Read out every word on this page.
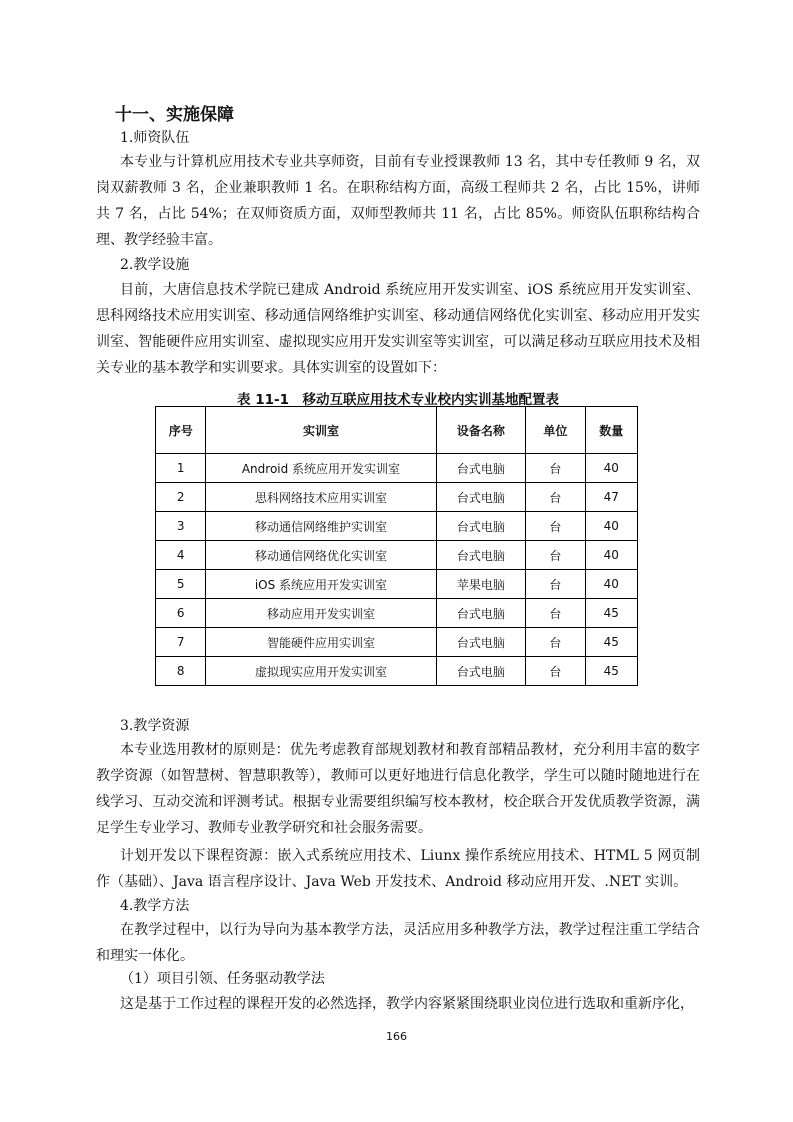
十一、实施保障
1.师资队伍
本专业与计算机应用技术专业共享师资，目前有专业授课教师 13 名，其中专任教师 9 名，双岗双薪教师 3 名，企业兼职教师 1 名。在职称结构方面，高级工程师共 2 名，占比 15%，讲师共 7 名，占比 54%；在双师资质方面，双师型教师共 11 名，占比 85%。师资队伍职称结构合理、教学经验丰富。
2.教学设施
目前，大唐信息技术学院已建成 Android 系统应用开发实训室、iOS 系统应用开发实训室、思科网络技术应用实训室、移动通信网络维护实训室、移动通信网络优化实训室、移动应用开发实训室、智能硬件应用实训室、虚拟现实应用开发实训室等实训室，可以满足移动互联应用技术及相关专业的基本教学和实训要求。具体实训室的设置如下：
表 11-1　移动互联应用技术专业校内实训基地配置表
序号	实训室	设备名称	单位	数量
1	Android 系统应用开发实训室	台式电脑	台	40
2	思科网络技术应用实训室	台式电脑	台	47
3	移动通信网络维护实训室	台式电脑	台	40
4	移动通信网络优化实训室	台式电脑	台	40
5	iOS 系统应用开发实训室	苹果电脑	台	40
6	移动应用开发实训室	台式电脑	台	45
7	智能硬件应用实训室	台式电脑	台	45
8	虚拟现实应用开发实训室	台式电脑	台	45
3.教学资源
本专业选用教材的原则是：优先考虑教育部规划教材和教育部精品教材，充分利用丰富的数字教学资源（如智慧树、智慧职教等），教师可以更好地进行信息化教学，学生可以随时随地进行在线学习、互动交流和评测考试。根据专业需要组织编写校本教材，校企联合开发优质教学资源，满足学生专业学习、教师专业教学研究和社会服务需要。
计划开发以下课程资源：嵌入式系统应用技术、Liunx 操作系统应用技术、HTML 5 网页制作（基础）、Java 语言程序设计、Java Web 开发技术、Android 移动应用开发、.NET 实训。
4.教学方法
在教学过程中，以行为导向为基本教学方法，灵活应用多种教学方法，教学过程注重工学结合和理实一体化。
（1）项目引领、任务驱动教学法
这是基于工作过程的课程开发的必然选择，教学内容紧紧围绕职业岗位进行选取和重新序化，
166
